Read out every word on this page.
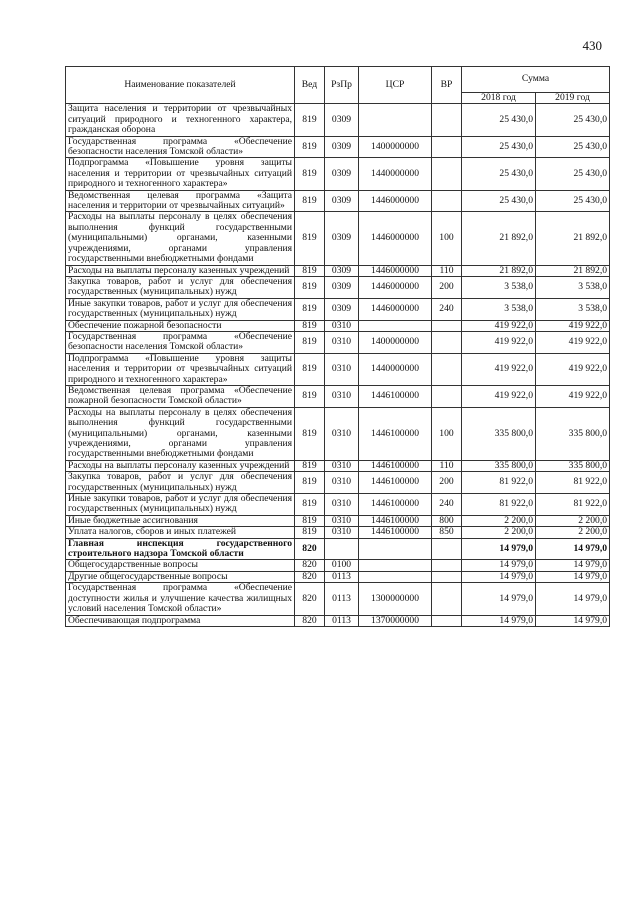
430
Наименование показателей	Вед	РзПр	ЦСР	ВР	Сумма	
					2018 год	2019 год
Защита населения и территории от чрезвычайных ситуаций природного и техногенного характера, гражданская оборона	819	0309			25 430,0	25 430,0
Государственная программа «Обеспечение безопасности населения Томской области»	819	0309	1400000000		25 430,0	25 430,0
Подпрограмма «Повышение уровня защиты населения и территории от чрезвычайных ситуаций природного и техногенного характера»	819	0309	1440000000		25 430,0	25 430,0
Ведомственная целевая программа «Защита населения и территории от чрезвычайных ситуаций»	819	0309	1446000000		25 430,0	25 430,0
Расходы на выплаты персоналу в целях обеспечения выполнения функций государственными (муниципальными) органами, казенными учреждениями, органами управления государственными внебюджетными фондами	819	0309	1446000000	100	21 892,0	21 892,0
Расходы на выплаты персоналу казенных учреждений	819	0309	1446000000	110	21 892,0	21 892,0
Закупка товаров, работ и услуг для обеспечения государственных (муниципальных) нужд	819	0309	1446000000	200	3 538,0	3 538,0
Иные закупки товаров, работ и услуг для обеспечения государственных (муниципальных) нужд	819	0309	1446000000	240	3 538,0	3 538,0
Обеспечение пожарной безопасности	819	0310			419 922,0	419 922,0
Государственная программа «Обеспечение безопасности населения Томской области»	819	0310	1400000000		419 922,0	419 922,0
Подпрограмма «Повышение уровня защиты населения и территории от чрезвычайных ситуаций природного и техногенного характера»	819	0310	1440000000		419 922,0	419 922,0
Ведомственная целевая программа «Обеспечение пожарной безопасности Томской области»	819	0310	1446100000		419 922,0	419 922,0
Расходы на выплаты персоналу в целях обеспечения выполнения функций государственными (муниципальными) органами, казенными учреждениями, органами управления государственными внебюджетными фондами	819	0310	1446100000	100	335 800,0	335 800,0
Расходы на выплаты персоналу казенных учреждений	819	0310	1446100000	110	335 800,0	335 800,0
Закупка товаров, работ и услуг для обеспечения государственных (муниципальных) нужд	819	0310	1446100000	200	81 922,0	81 922,0
Иные закупки товаров, работ и услуг для обеспечения государственных (муниципальных) нужд	819	0310	1446100000	240	81 922,0	81 922,0
Иные бюджетные ассигнования	819	0310	1446100000	800	2 200,0	2 200,0
Уплата налогов, сборов и иных платежей	819	0310	1446100000	850	2 200,0	2 200,0
Главная инспекция государственного строительного надзора Томской области	820				14 979,0	14 979,0
Общегосударственные вопросы	820	0100			14 979,0	14 979,0
Другие общегосударственные вопросы	820	0113			14 979,0	14 979,0
Государственная программа «Обеспечение доступности жилья и улучшение качества жилищных условий населения Томской области»	820	0113	1300000000		14 979,0	14 979,0
Обеспечивающая подпрограмма	820	0113	1370000000		14 979,0	14 979,0
